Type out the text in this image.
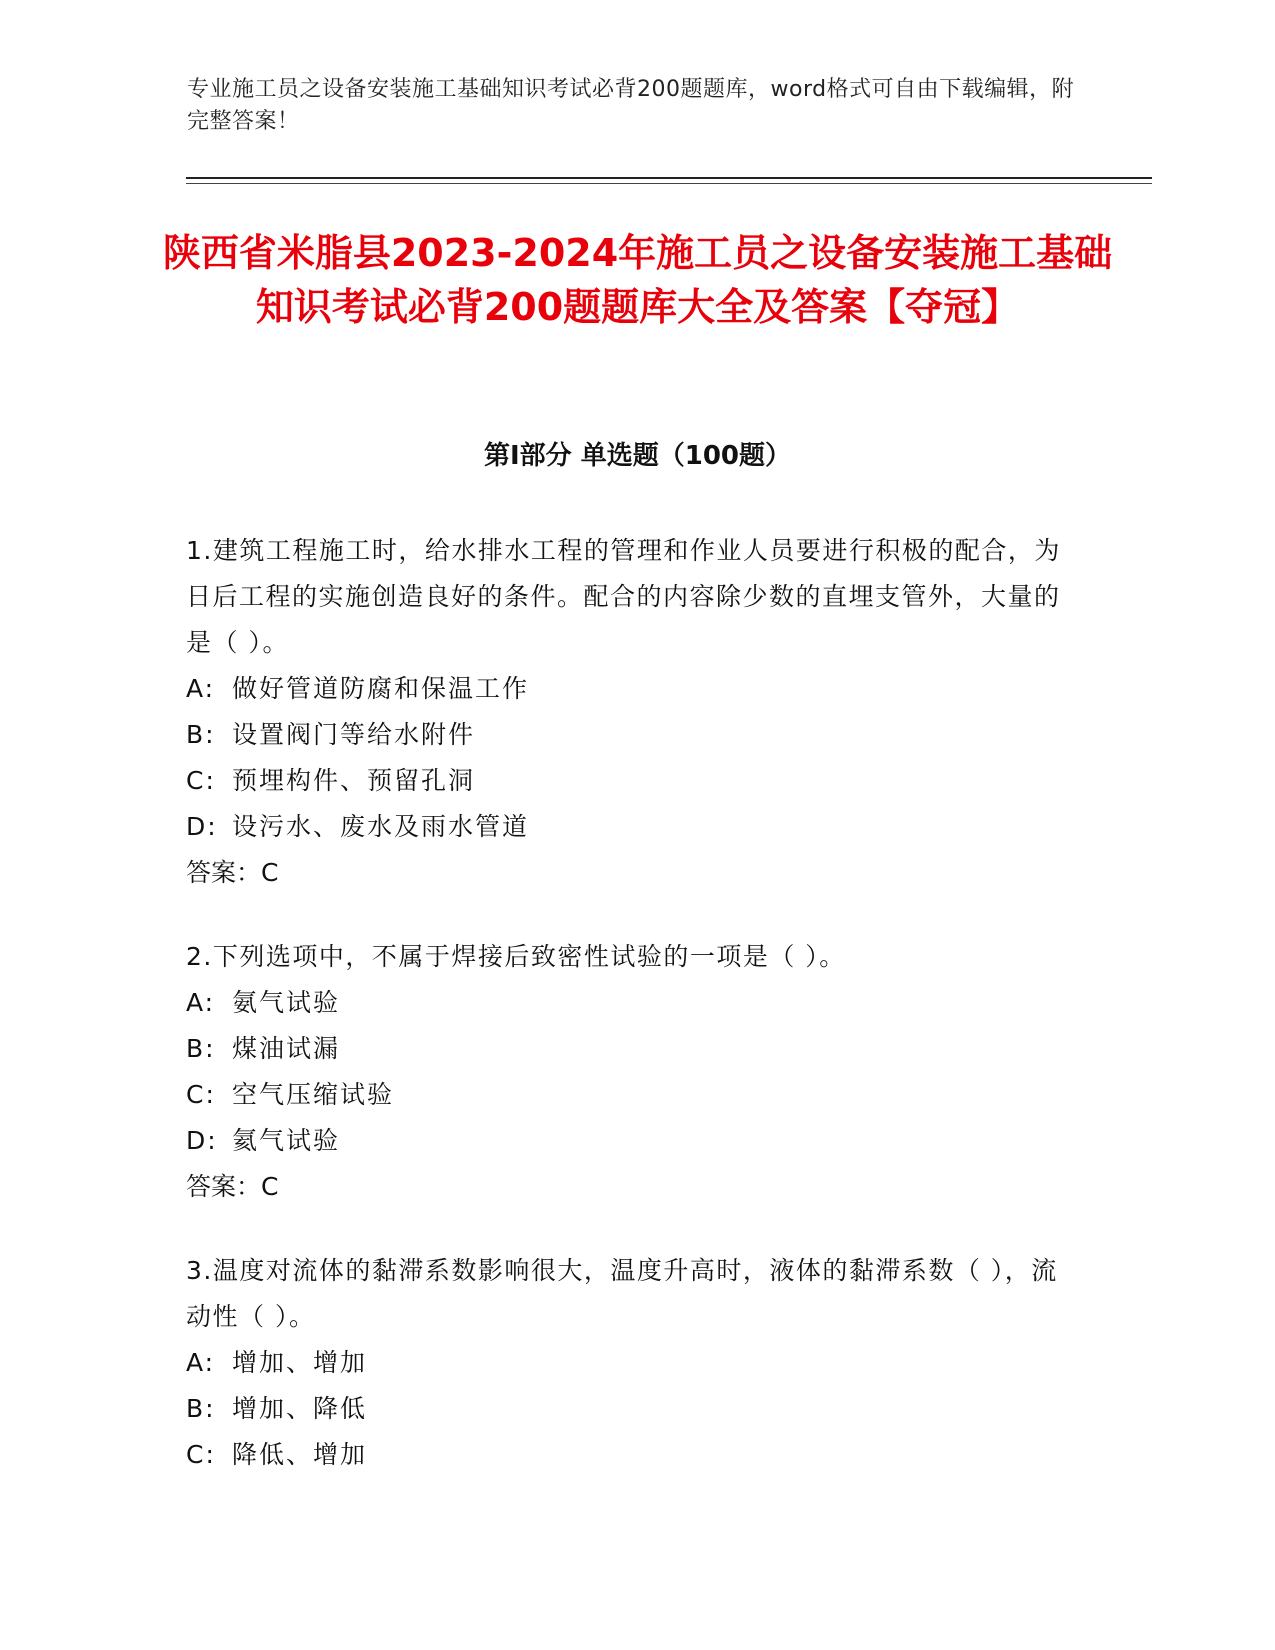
专业施工员之设备安装施工基础知识考试必背200题题库，word格式可自由下载编辑，附完整答案！
陕西省米脂县2023-2024年施工员之设备安装施工基础知识考试必背200题题库大全及答案【夺冠】
第Ⅰ部分 单选题（100题）
1.建筑工程施工时，给水排水工程的管理和作业人员要进行积极的配合，为日后工程的实施创造良好的条件。配合的内容除少数的直埋支管外，大量的是（ ）。
A: 做好管道防腐和保温工作
B: 设置阀门等给水附件
C: 预埋构件、预留孔洞
D: 设污水、废水及雨水管道
答案：C
2.下列选项中，不属于焊接后致密性试验的一项是（ ）。
A: 氨气试验
B: 煤油试漏
C: 空气压缩试验
D: 氦气试验
答案：C
3.温度对流体的黏滞系数影响很大，温度升高时，液体的黏滞系数（ ），流动性（ ）。
A: 增加、增加
B: 增加、降低
C: 降低、增加
